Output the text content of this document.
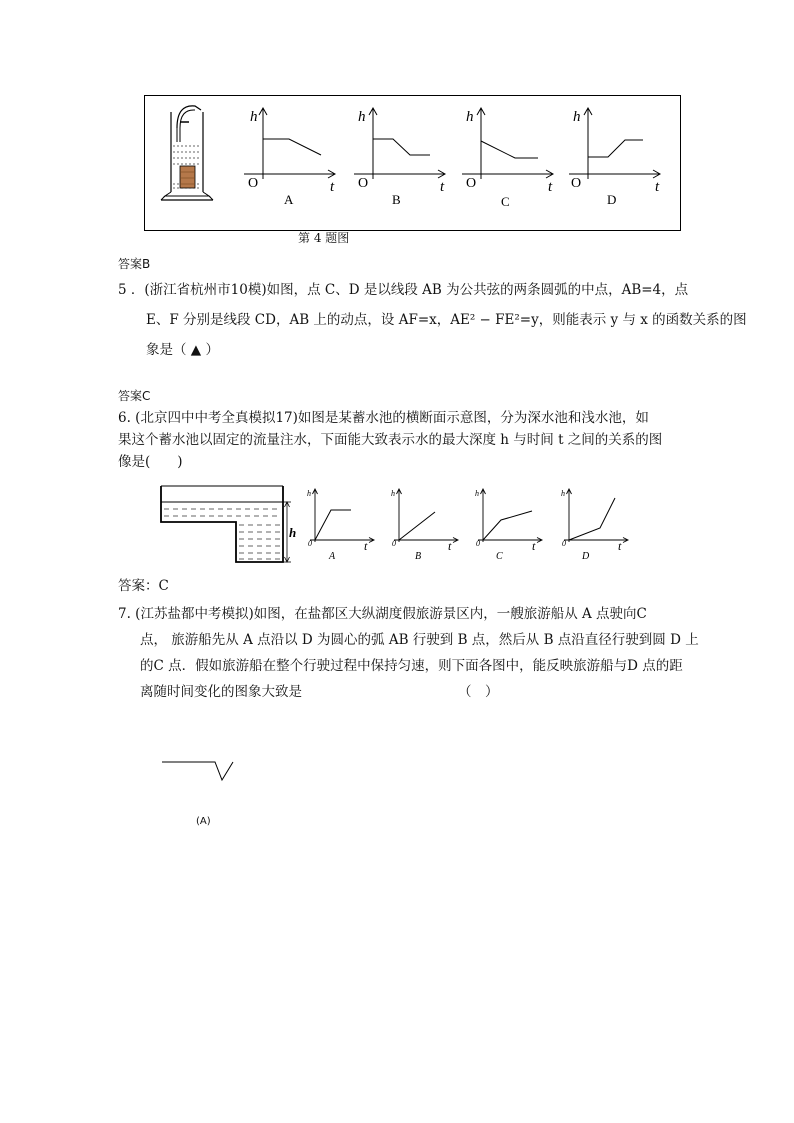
h
O	t
A
h
O	t
B
h
O	t
C
h
O	t
D
第 4 题图
答案B
5 ．(浙江省杭州市10模)如图，点 C、D 是以线段 AB 为公共弦的两条圆弧的中点，AB=4，点
E、F 分别是线段 CD，AB 上的动点，设 AF=x，AE² − FE²=y，则能表示 y 与 x 的函数关系的图
象是（ ▲ ）
答案C
6. (北京四中中考全真模拟17)如图是某蓄水池的横断面示意图，分为深水池和浅水池，如
果这个蓄水池以固定的流量注水，下面能大致表示水的最大深度 h 与时间 t 之间的关系的图
像是(　　)
h
h
0	t
A
h
0	t
B
h
0	t
C
h
0	t
D
答案：C
7. (江苏盐都中考模拟)如图，在盐都区大纵湖度假旅游景区内，一艘旅游船从 A 点驶向C
点， 旅游船先从 A 点沿以 D 为圆心的弧 AB 行驶到 B 点，然后从 B 点沿直径行驶到圆 D 上
的C 点．假如旅游船在整个行驶过程中保持匀速，则下面各图中，能反映旅游船与D 点的距
离随时间变化的图象大致是	（　）
(A)
